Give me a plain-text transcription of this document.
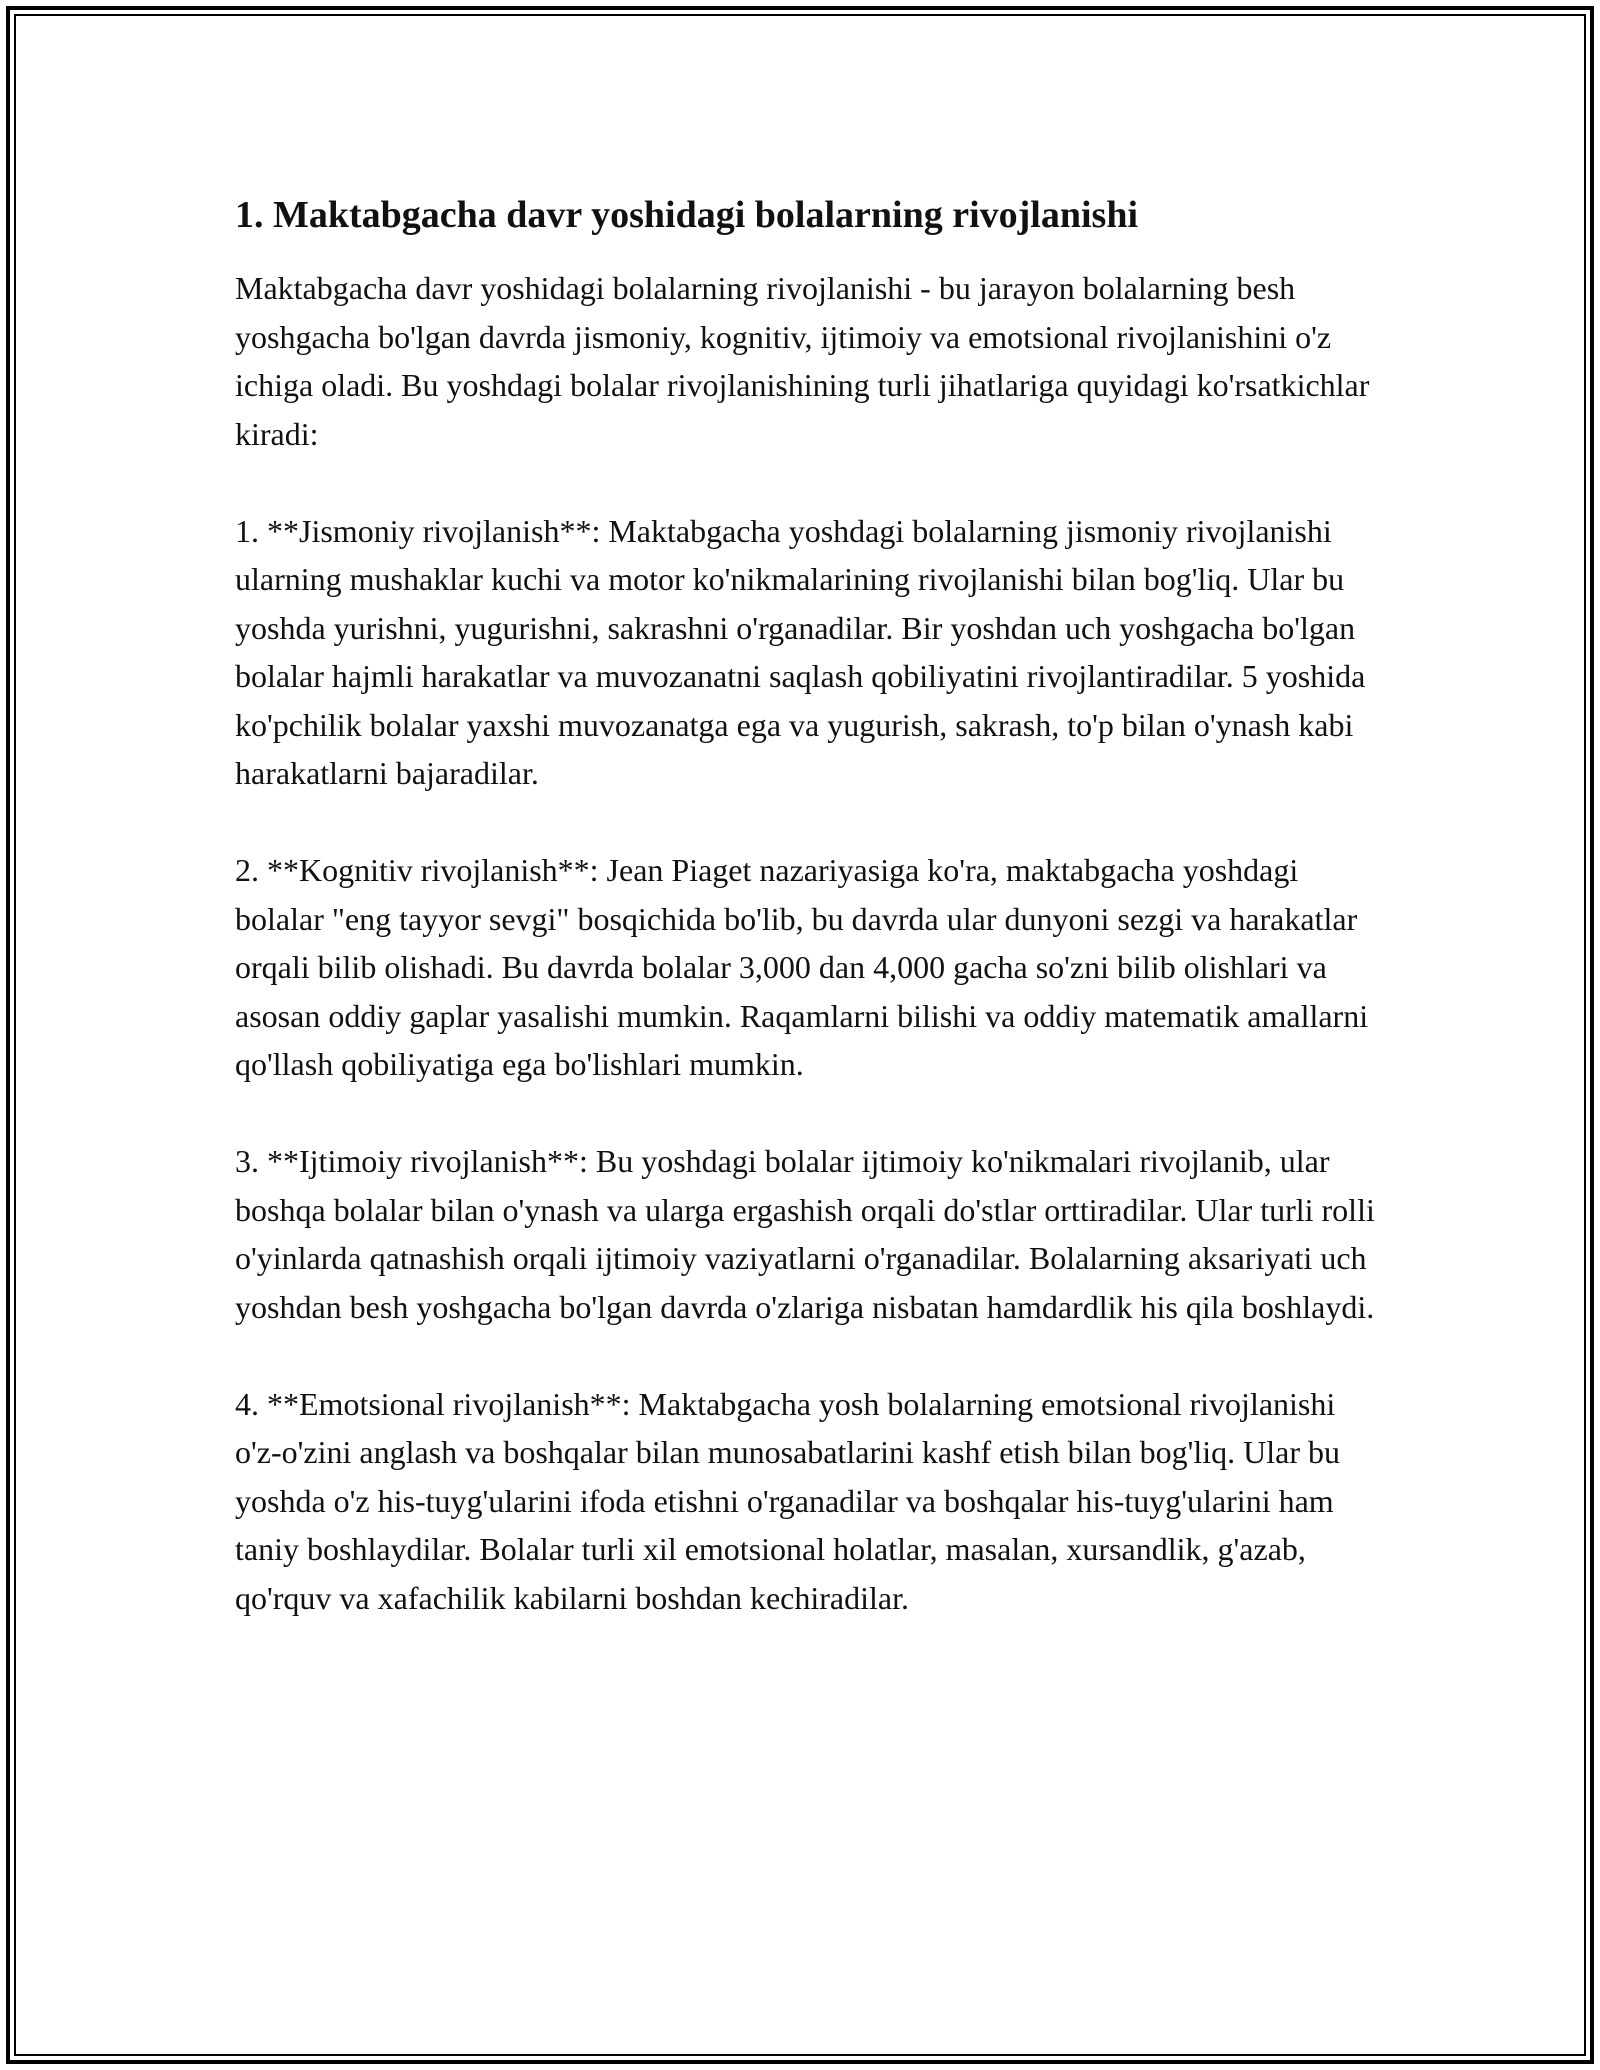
1. Maktabgacha davr yoshidagi bolalarning rivojlanishi

Maktabgacha davr yoshidagi bolalarning rivojlanishi - bu jarayon bolalarning besh yoshgacha bo'lgan davrda jismoniy, kognitiv, ijtimoiy va emotsional rivojlanishini o'z ichiga oladi. Bu yoshdagi bolalar rivojlanishining turli jihatlariga quyidagi ko'rsatkichlar kiradi:

1. **Jismoniy rivojlanish**: Maktabgacha yoshdagi bolalarning jismoniy rivojlanishi ularning mushaklar kuchi va motor ko'nikmalarining rivojlanishi bilan bog'liq. Ular bu yoshda yurishni, yugurishni, sakrashni o'rganadilar. Bir yoshdan uch yoshgacha bo'lgan bolalar hajmli harakatlar va muvozanatni saqlash qobiliyatini rivojlantiradilar. 5 yoshida ko'pchilik bolalar yaxshi muvozanatga ega va yugurish, sakrash, to'p bilan o'ynash kabi harakatlarni bajaradilar.

2. **Kognitiv rivojlanish**: Jean Piaget nazariyasiga ko'ra, maktabgacha yoshdagi bolalar "eng tayyor sevgi" bosqichida bo'lib, bu davrda ular dunyoni sezgi va harakatlar orqali bilib olishadi. Bu davrda bolalar 3,000 dan 4,000 gacha so'zni bilib olishlari va asosan oddiy gaplar yasalishi mumkin. Raqamlarni bilishi va oddiy matematik amallarni qo'llash qobiliyatiga ega bo'lishlari mumkin.

3. **Ijtimoiy rivojlanish**: Bu yoshdagi bolalar ijtimoiy ko'nikmalari rivojlanib, ular boshqa bolalar bilan o'ynash va ularga ergashish orqali do'stlar orttiradilar. Ular turli rolli o'yinlarda qatnashish orqali ijtimoiy vaziyatlarni o'rganadilar. Bolalarning aksariyati uch yoshdan besh yoshgacha bo'lgan davrda o'zlariga nisbatan hamdardlik his qila boshlaydi.

4. **Emotsional rivojlanish**: Maktabgacha yosh bolalarning emotsional rivojlanishi o'z-o'zini anglash va boshqalar bilan munosabatlarini kashf etish bilan bog'liq. Ular bu yoshda o'z his-tuyg'ularini ifoda etishni o'rganadilar va boshqalar his-tuyg'ularini ham taniy boshlaydilar. Bolalar turli xil emotsional holatlar, masalan, xursandlik, g'azab, qo'rquv va xafachilik kabilarni boshdan kechiradilar.
